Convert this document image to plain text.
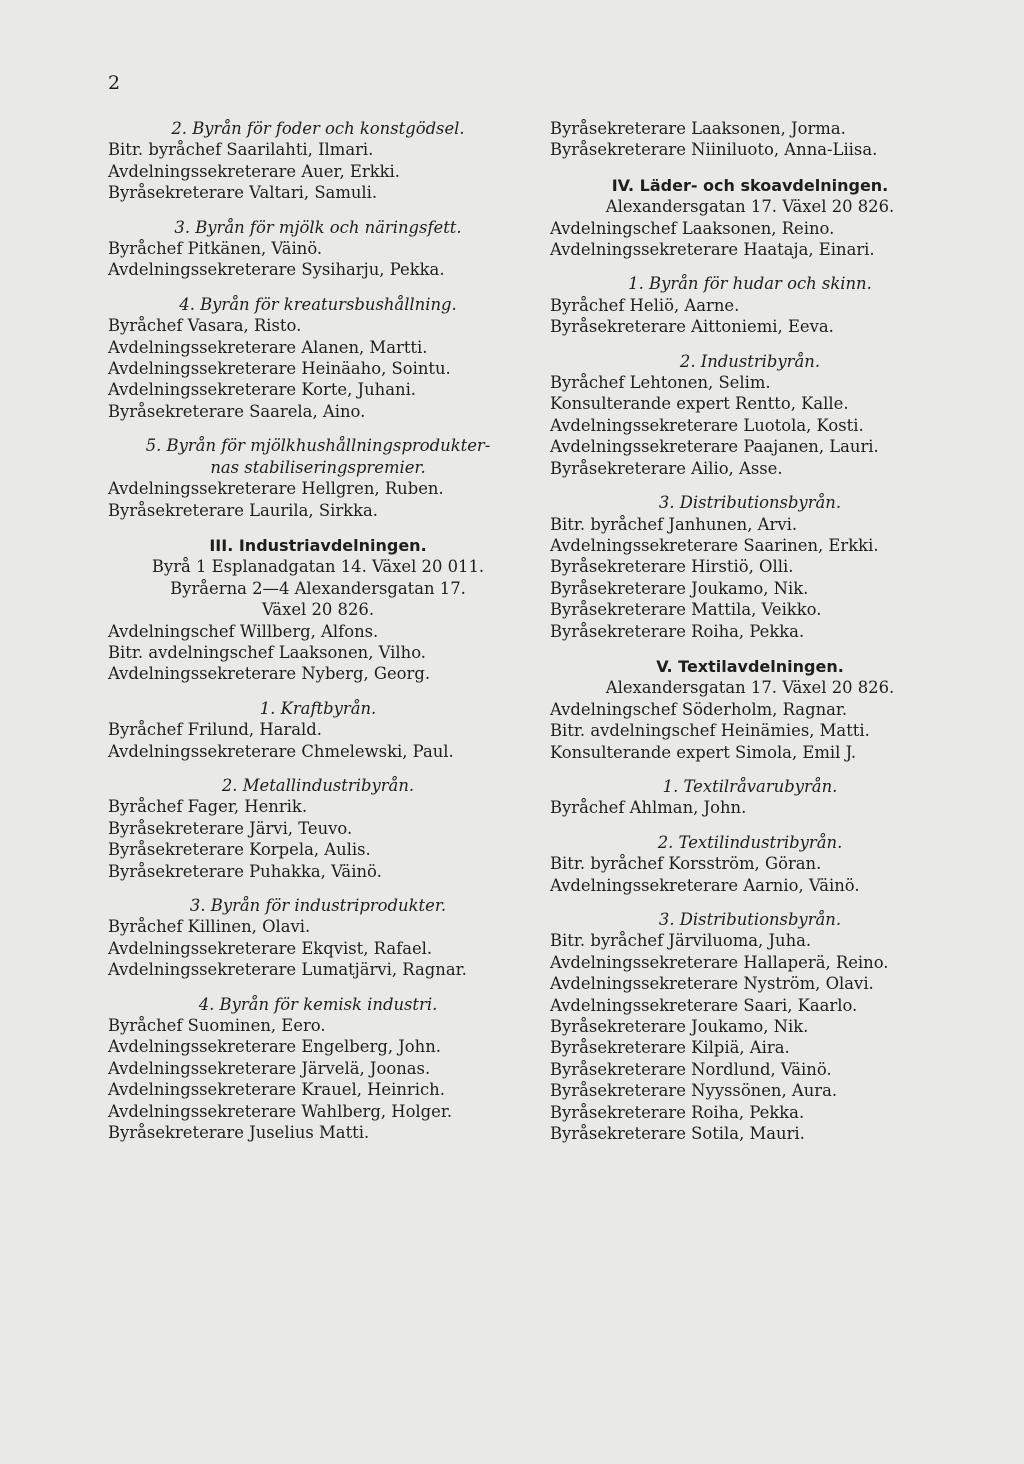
2
2. Byrån för foder och konstgödsel.
Bitr. byråchef Saarilahti, Ilmari.
Avdelningssekreterare Auer, Erkki.
Byråsekreterare Valtari, Samuli.
3. Byrån för mjölk och näringsfett.
Byråchef Pitkänen, Väinö.
Avdelningssekreterare Sysiharju, Pekka.
4. Byrån för kreatursbushållning.
Byråchef Vasara, Risto.
Avdelningssekreterare Alanen, Martti.
Avdelningssekreterare Heinäaho, Sointu.
Avdelningssekreterare Korte, Juhani.
Byråsekreterare Saarela, Aino.
5. Byrån för mjölkhushållningsprodukter-
nas stabiliseringspremier.
Avdelningssekreterare Hellgren, Ruben.
Byråsekreterare Laurila, Sirkka.
III. Industriavdelningen.
Byrå 1 Esplanadgatan 14. Växel 20 011.
Byråerna 2—4 Alexandersgatan 17.
Växel 20 826.
Avdelningschef Willberg, Alfons.
Bitr. avdelningschef Laaksonen, Vilho.
Avdelningssekreterare Nyberg, Georg.
1. Kraftbyrån.
Byråchef Frilund, Harald.
Avdelningssekreterare Chmelewski, Paul.
2. Metallindustribyrån.
Byråchef Fager, Henrik.
Byråsekreterare Järvi, Teuvo.
Byråsekreterare Korpela, Aulis.
Byråsekreterare Puhakka, Väinö.
3. Byrån för industriprodukter.
Byråchef Killinen, Olavi.
Avdelningssekreterare Ekqvist, Rafael.
Avdelningssekreterare Lumatjärvi, Ragnar.
4. Byrån för kemisk industri.
Byråchef Suominen, Eero.
Avdelningssekreterare Engelberg, John.
Avdelningssekreterare Järvelä, Joonas.
Avdelningssekreterare Krauel, Heinrich.
Avdelningssekreterare Wahlberg, Holger.
Byråsekreterare Juselius Matti.
Byråsekreterare Laaksonen, Jorma.
Byråsekreterare Niiniluoto, Anna-Liisa.
IV. Läder- och skoavdelningen.
Alexandersgatan 17. Växel 20 826.
Avdelningschef Laaksonen, Reino.
Avdelningssekreterare Haataja, Einari.
1. Byrån för hudar och skinn.
Byråchef Heliö, Aarne.
Byråsekreterare Aittoniemi, Eeva.
2. Industribyrån.
Byråchef Lehtonen, Selim.
Konsulterande expert Rentto, Kalle.
Avdelningssekreterare Luotola, Kosti.
Avdelningssekreterare Paajanen, Lauri.
Byråsekreterare Ailio, Asse.
3. Distributionsbyrån.
Bitr. byråchef Janhunen, Arvi.
Avdelningssekreterare Saarinen, Erkki.
Byråsekreterare Hirstiö, Olli.
Byråsekreterare Joukamo, Nik.
Byråsekreterare Mattila, Veikko.
Byråsekreterare Roiha, Pekka.
V. Textilavdelningen.
Alexandersgatan 17. Växel 20 826.
Avdelningschef Söderholm, Ragnar.
Bitr. avdelningschef Heinämies, Matti.
Konsulterande expert Simola, Emil J.
1. Textilråvarubyrån.
Byråchef Ahlman, John.
2. Textilindustribyrån.
Bitr. byråchef Korsström, Göran.
Avdelningssekreterare Aarnio, Väinö.
3. Distributionsbyrån.
Bitr. byråchef Järviluoma, Juha.
Avdelningssekreterare Hallaperä, Reino.
Avdelningssekreterare Nyström, Olavi.
Avdelningssekreterare Saari, Kaarlo.
Byråsekreterare Joukamo, Nik.
Byråsekreterare Kilpiä, Aira.
Byråsekreterare Nordlund, Väinö.
Byråsekreterare Nyyssönen, Aura.
Byråsekreterare Roiha, Pekka.
Byråsekreterare Sotila, Mauri.
